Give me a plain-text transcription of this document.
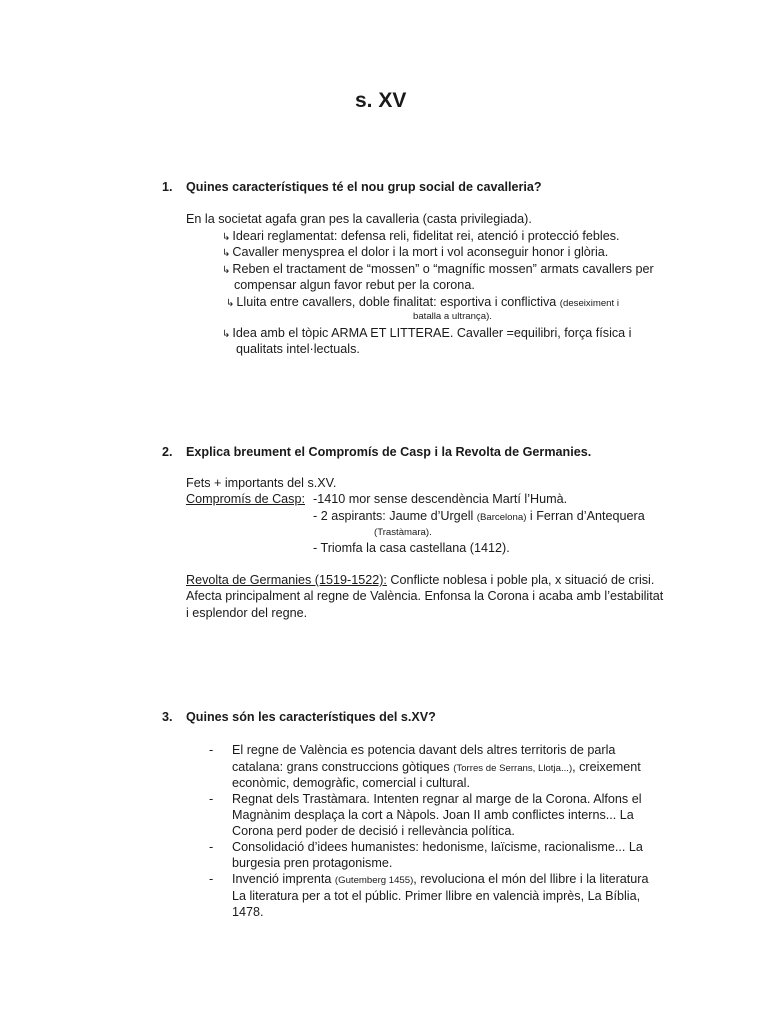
s. XV
1. Quines característiques té el nou grup social de cavalleria?
En la societat agafa gran pes la cavalleria (casta privilegiada).
↳ Ideari reglamentat: defensa reli, fidelitat rei, atenció i protecció febles.
↳ Cavaller menysprea el dolor i la mort i vol aconseguir honor i glòria.
↳ Reben el tractament de “mossen” o “magnífic mossen” armats cavallers per
compensar algun favor rebut per la corona.
↳ Lluita entre cavallers, doble finalitat: esportiva i conflictiva (deseiximent i
batalla a ultrança).
↳ Idea amb el tòpic ARMA ET LITTERAE. Cavaller =equilibri, força física i
qualitats intel·lectuals.
2. Explica breument el Compromís de Casp i la Revolta de Germanies.
Fets + importants del s.XV.
Compromís de Casp: -1410 mor sense descendència Martí l’Humà.
- 2 aspirants: Jaume d’Urgell (Barcelona) i Ferran d’Antequera
(Trastàmara).
- Triomfa la casa castellana (1412).
Revolta de Germanies (1519-1522): Conflicte noblesa i poble pla, x situació de crisi.
Afecta principalment al regne de València. Enfonsa la Corona i acaba amb l’estabilitat
i esplendor del regne.
3. Quines són les característiques del s.XV?
- El regne de València es potencia davant dels altres territoris de parla
catalana: grans construccions gòtiques (Torres de Serrans, Llotja...), creixement
econòmic, demogràfic, comercial i cultural.
- Regnat dels Trastàmara. Intenten regnar al marge de la Corona. Alfons el
Magnànim desplaça la cort a Nàpols. Joan II amb conflictes interns... La
Corona perd poder de decisió i rellevància política.
- Consolidació d’idees humanistes: hedonisme, laïcisme, racionalisme... La
burgesia pren protagonisme.
- Invenció imprenta (Gutemberg 1455), revoluciona el món del llibre i la literatura
La literatura per a tot el públic. Primer llibre en valencià imprès, La Bíblia,
1478.
